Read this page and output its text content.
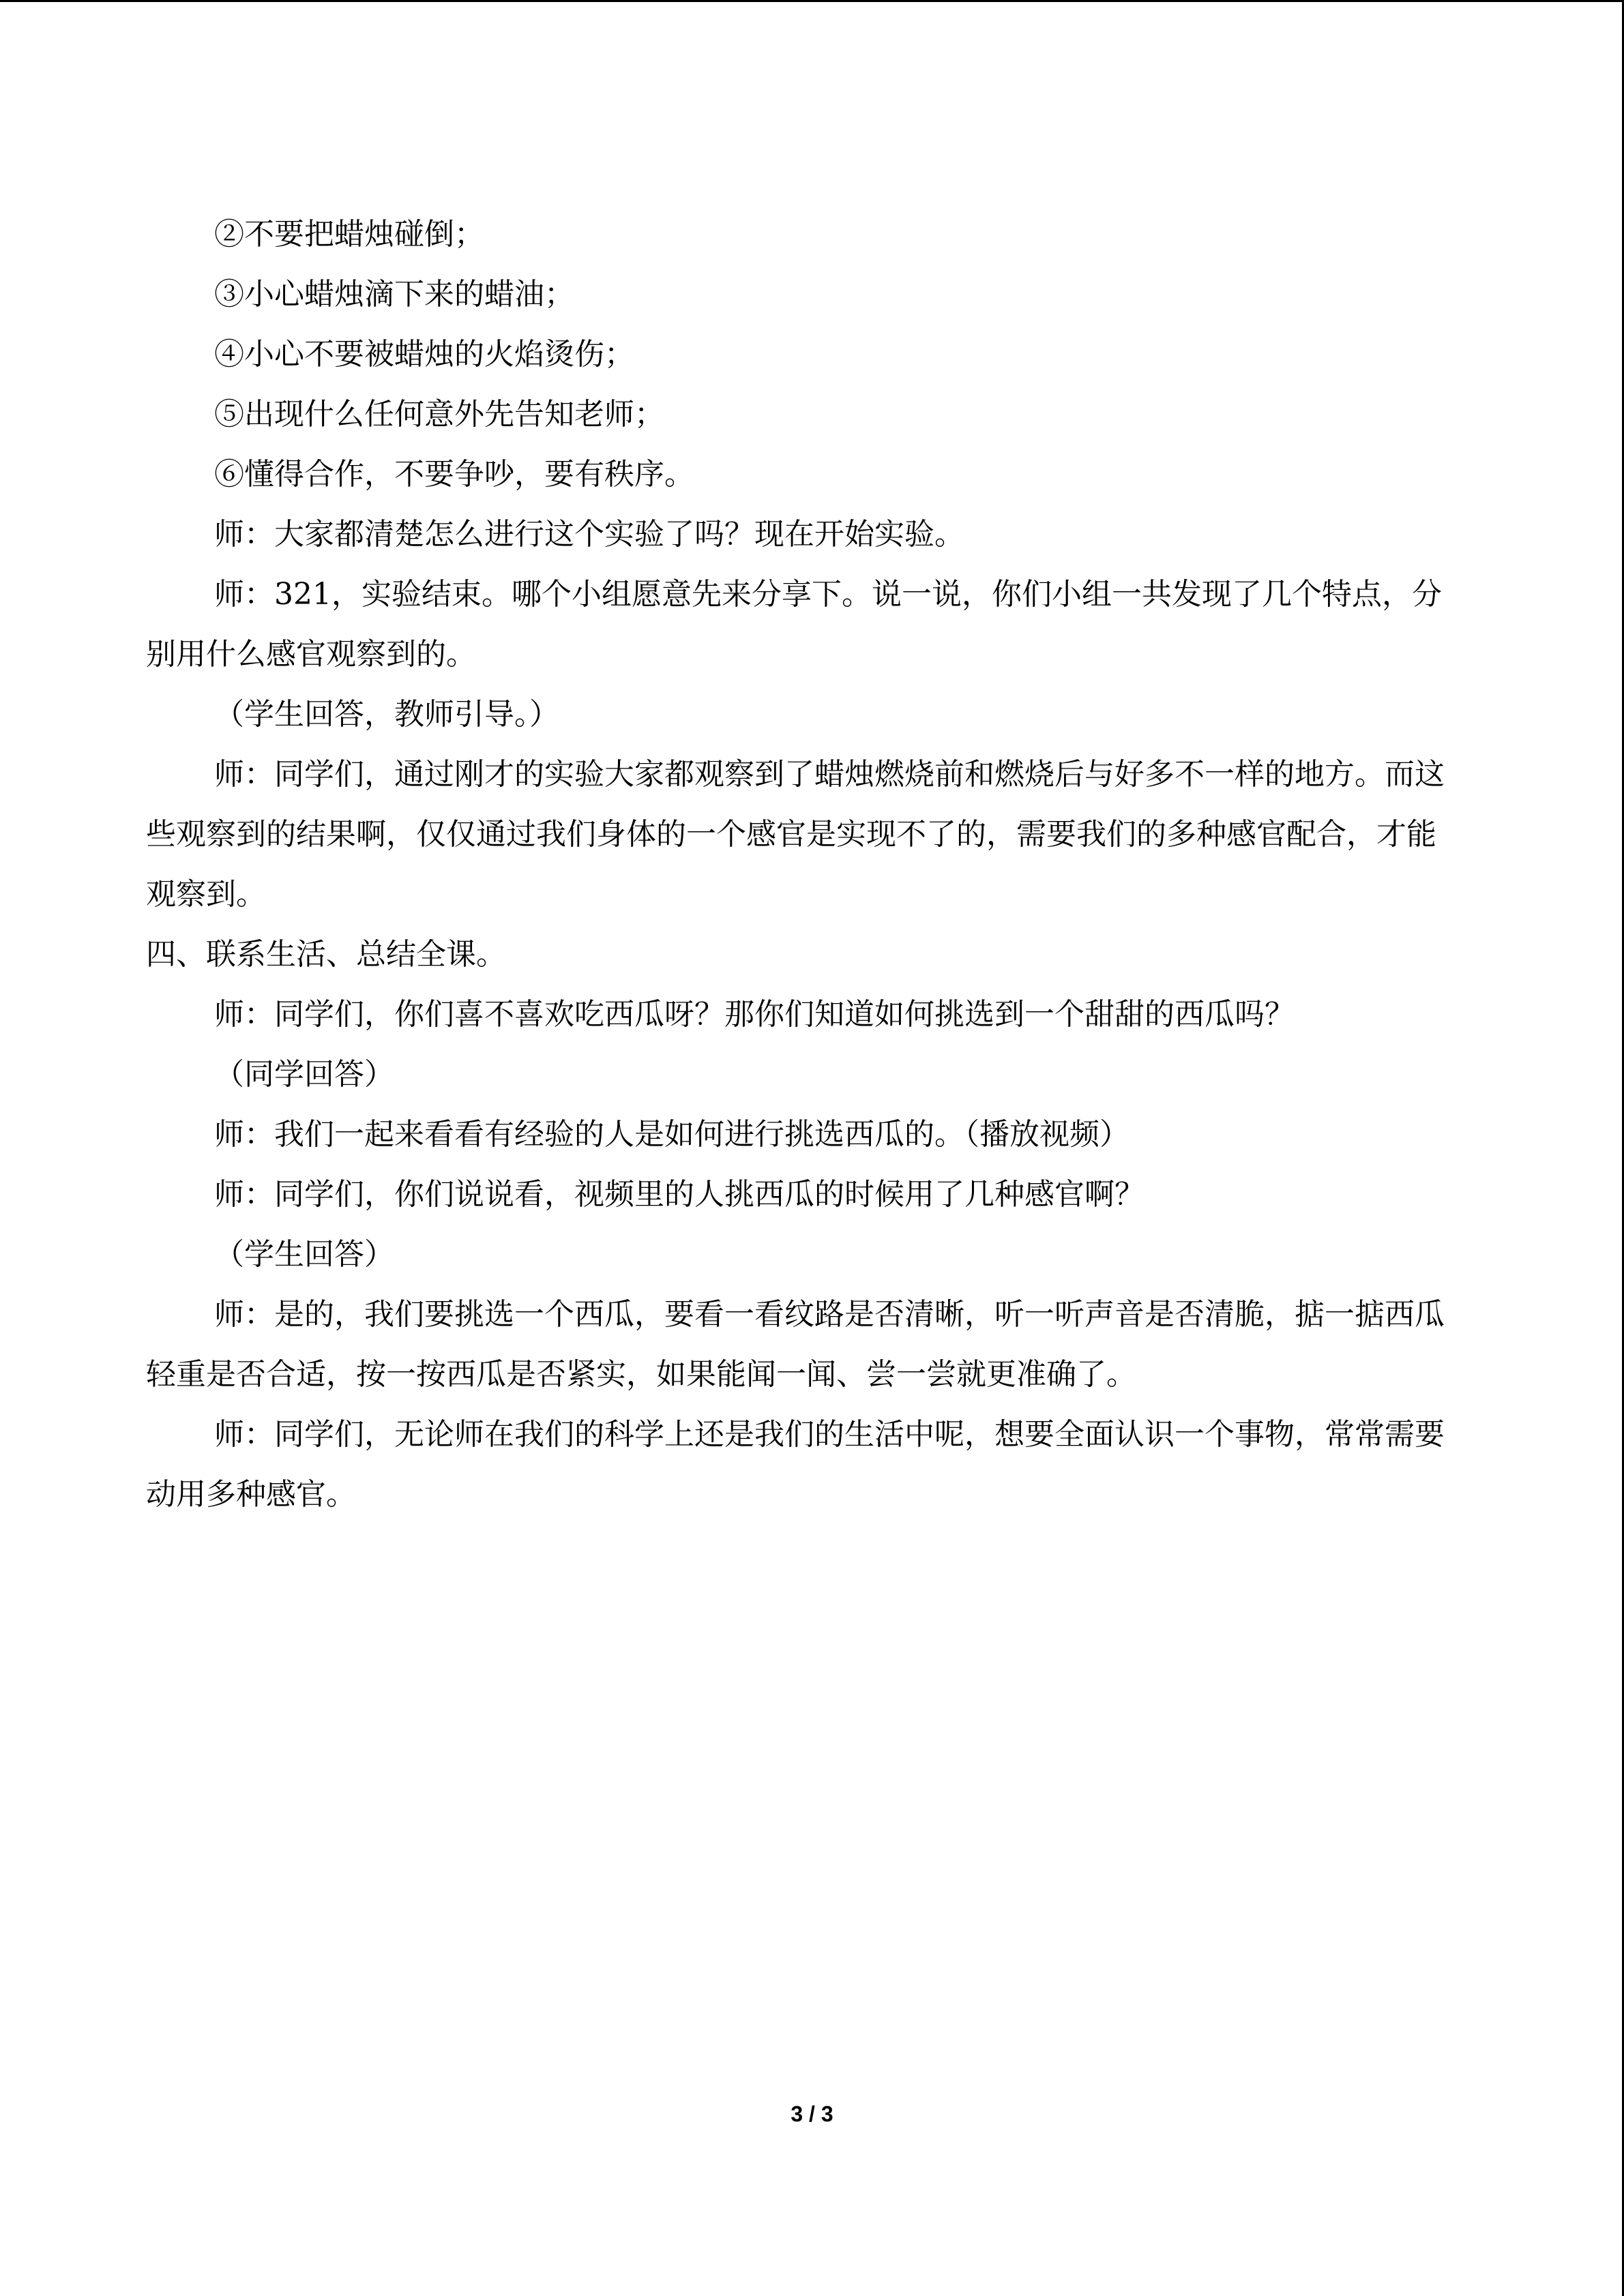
②不要把蜡烛碰倒；

③小心蜡烛滴下来的蜡油；

④小心不要被蜡烛的火焰烫伤；

⑤出现什么任何意外先告知老师；

⑥懂得合作，不要争吵，要有秩序。

师：大家都清楚怎么进行这个实验了吗？现在开始实验。

师：321，实验结束。哪个小组愿意先来分享下。说一说，你们小组一共发现了几个特点，分别用什么感官观察到的。

（学生回答，教师引导。）

师：同学们，通过刚才的实验大家都观察到了蜡烛燃烧前和燃烧后与好多不一样的地方。而这些观察到的结果啊，仅仅通过我们身体的一个感官是实现不了的，需要我们的多种感官配合，才能观察到。

四、联系生活、总结全课。

师：同学们，你们喜不喜欢吃西瓜呀？那你们知道如何挑选到一个甜甜的西瓜吗？

（同学回答）

师：我们一起来看看有经验的人是如何进行挑选西瓜的。（播放视频）

师：同学们，你们说说看，视频里的人挑西瓜的时候用了几种感官啊？

（学生回答）

师：是的，我们要挑选一个西瓜，要看一看纹路是否清晰，听一听声音是否清脆，掂一掂西瓜轻重是否合适，按一按西瓜是否紧实，如果能闻一闻、尝一尝就更准确了。

师：同学们，无论师在我们的科学上还是我们的生活中呢，想要全面认识一个事物，常常需要动用多种感官。

3 / 3
